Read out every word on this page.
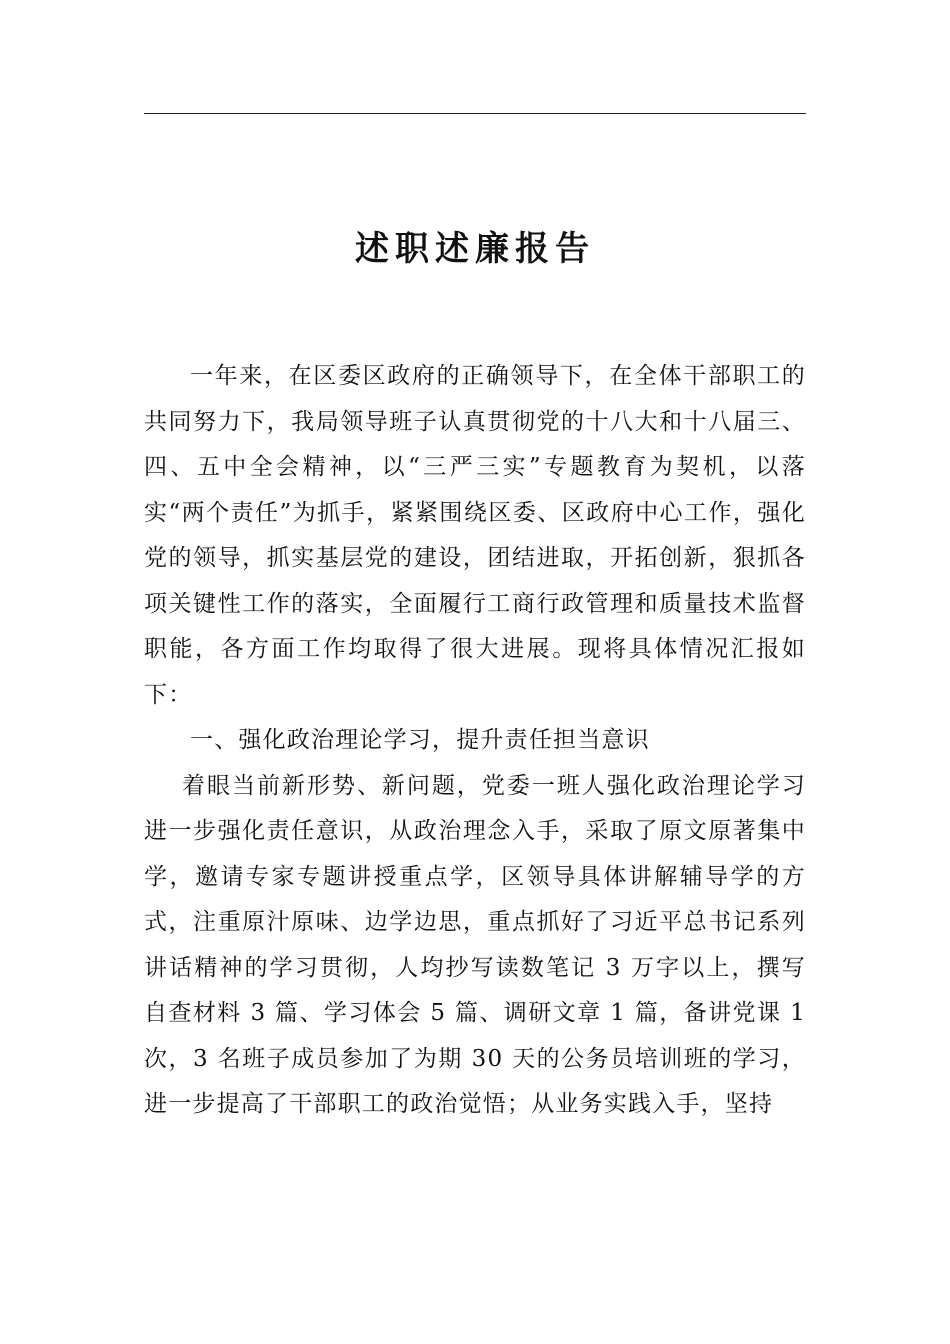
述职述廉报告

一年来，在区委区政府的正确领导下，在全体干部职工的共同努力下，我局领导班子认真贯彻党的十八大和十八届三、四、五中全会精神，以“三严三实”专题教育为契机，以落实“两个责任”为抓手，紧紧围绕区委、区政府中心工作，强化党的领导，抓实基层党的建设，团结进取，开拓创新，狠抓各项关键性工作的落实，全面履行工商行政管理和质量技术监督职能，各方面工作均取得了很大进展。现将具体情况汇报如下：

一、强化政治理论学习，提升责任担当意识

着眼当前新形势、新问题，党委一班人强化政治理论学习进一步强化责任意识，从政治理念入手，采取了原文原著集中学，邀请专家专题讲授重点学，区领导具体讲解辅导学的方式，注重原汁原味、边学边思，重点抓好了习近平总书记系列讲话精神的学习贯彻，人均抄写读数笔记 3 万字以上，撰写自查材料 3 篇、学习体会 5 篇、调研文章 1 篇，备讲党课 1次，3 名班子成员参加了为期 30 天的公务员培训班的学习，进一步提高了干部职工的政治觉悟；从业务实践入手，坚持
